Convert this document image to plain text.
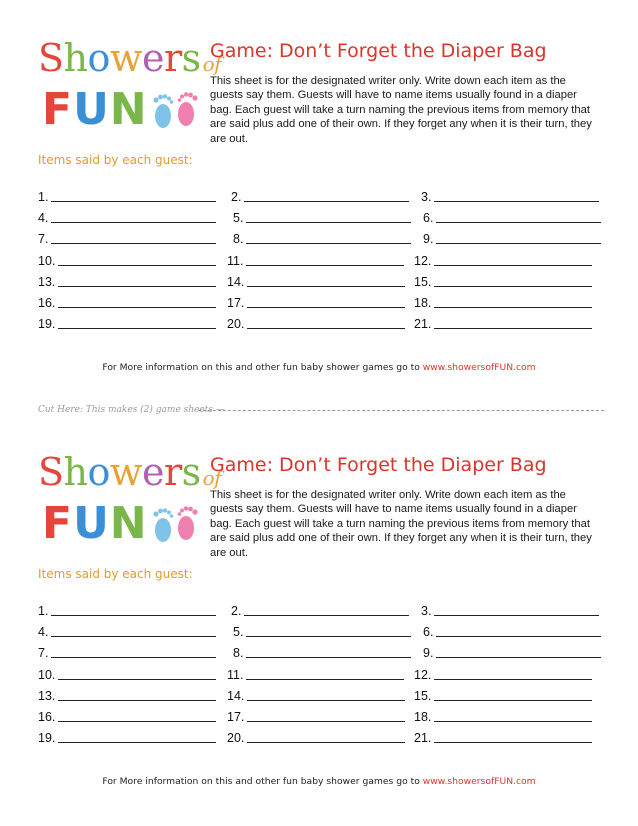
Showers of
FUN
Game: Don’t Forget the Diaper Bag
This sheet is for the designated writer only. Write down each item as the guests say them. Guests will have to name items usually found in a diaper bag. Each guest will take a turn naming the previous items from memory that are said plus add one of their own. If they forget any when it is their turn, they are out.
Items said by each guest:
1.	2.	3.
4.	5.	6.
7.	8.	9.
10.	11.	12.
13.	14.	15.
16.	17.	18.
19.	20.	21.
For More information on this and other fun baby shower games go to www.showersofFUN.com
Cut Here: This makes (2) game sheets —
Showers of
FUN
Game: Don’t Forget the Diaper Bag
This sheet is for the designated writer only. Write down each item as the guests say them. Guests will have to name items usually found in a diaper bag. Each guest will take a turn naming the previous items from memory that are said plus add one of their own. If they forget any when it is their turn, they are out.
Items said by each guest:
1.	2.	3.
4.	5.	6.
7.	8.	9.
10.	11.	12.
13.	14.	15.
16.	17.	18.
19.	20.	21.
For More information on this and other fun baby shower games go to www.showersofFUN.com
